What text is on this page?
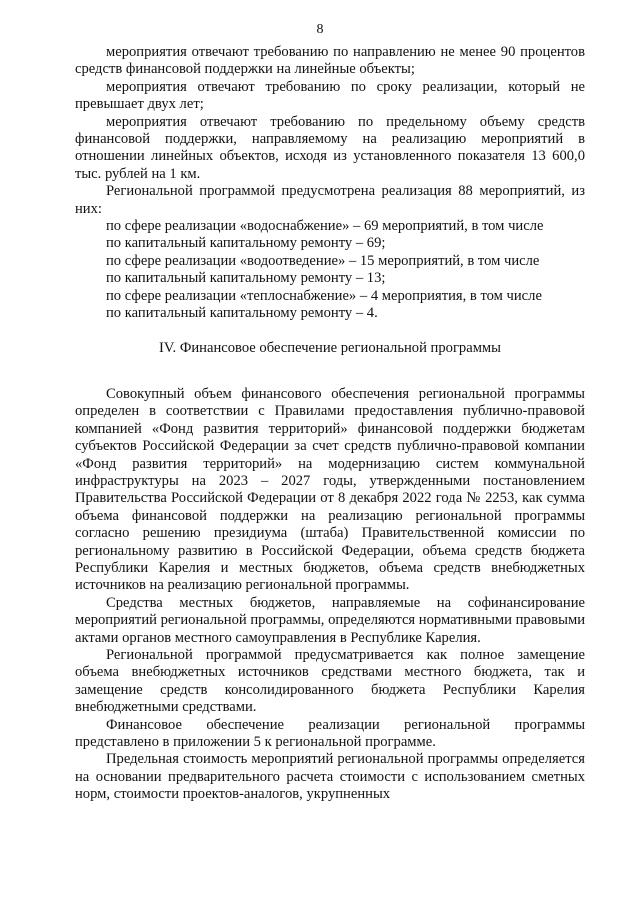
8

мероприятия отвечают требованию по направлению не менее 90 процентов средств финансовой поддержки на линейные объекты;

мероприятия отвечают требованию по сроку реализации, который не превышает двух лет;

мероприятия отвечают требованию по предельному объему средств финансовой поддержки, направляемому на реализацию мероприятий в отношении линейных объектов, исходя из установленного показателя 13 600,0 тыс. рублей на 1 км.

Региональной программой предусмотрена реализация 88 мероприятий, из них:

по сфере реализации «водоснабжение» – 69 мероприятий, в том числе

по капитальный капитальному ремонту – 69;

по сфере реализации «водоотведение» – 15 мероприятий, в том числе

по капитальный капитальному ремонту – 13;

по сфере реализации «теплоснабжение» – 4 мероприятия, в том числе

по капитальный капитальному ремонту – 4.

IV. Финансовое обеспечение региональной программы

Совокупный объем финансового обеспечения региональной программы определен в соответствии с Правилами предоставления публично-правовой компанией «Фонд развития территорий» финансовой поддержки бюджетам субъектов Российской Федерации за счет средств публично-правовой компании «Фонд развития территорий» на модернизацию систем коммунальной инфраструктуры на 2023 – 2027 годы, утвержденными постановлением Правительства Российской Федерации от 8 декабря 2022 года № 2253, как сумма объема финансовой поддержки на реализацию региональной программы согласно решению президиума (штаба) Правительственной комиссии по региональному развитию в Российской Федерации, объема средств бюджета Республики Карелия и местных бюджетов, объема средств внебюджетных источников на реализацию региональной программы.

Средства местных бюджетов, направляемые на софинансирование мероприятий региональной программы, определяются нормативными правовыми актами органов местного самоуправления в Республике Карелия.

Региональной программой предусматривается как полное замещение объема внебюджетных источников средствами местного бюджета, так и замещение средств консолидированного бюджета Республики Карелия внебюджетными средствами.

Финансовое обеспечение реализации региональной программы представлено в приложении 5 к региональной программе.

Предельная стоимость мероприятий региональной программы определяется на основании предварительного расчета стоимости с использованием сметных норм, стоимости проектов-аналогов, укрупненных
